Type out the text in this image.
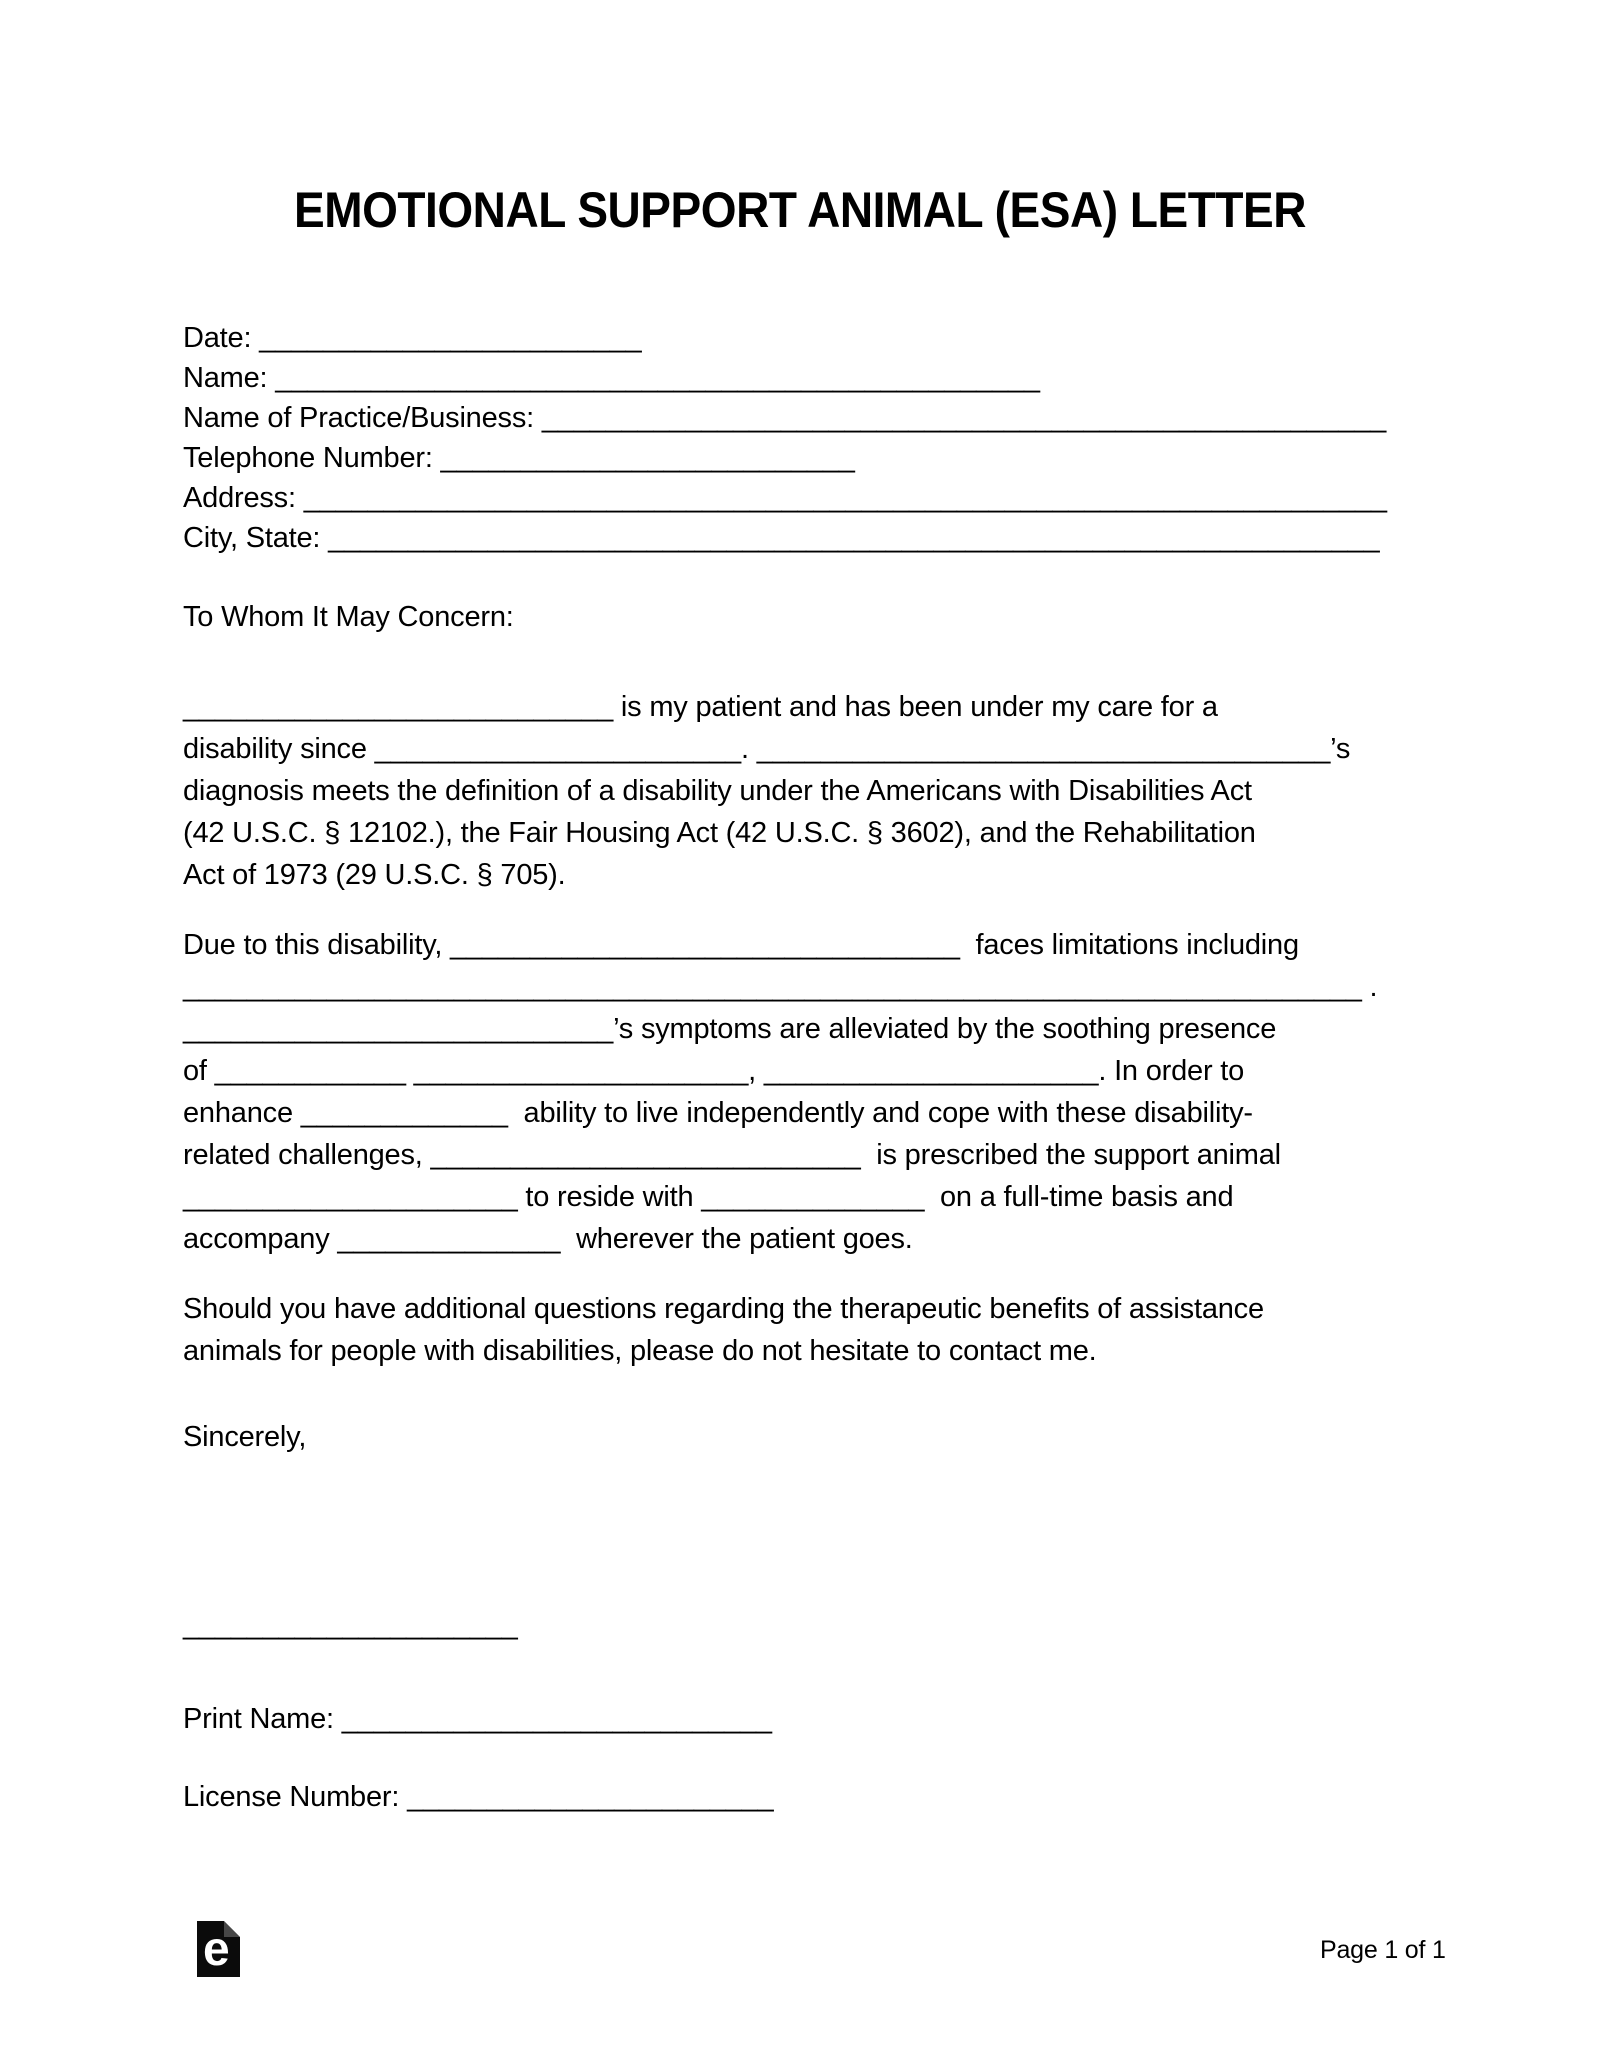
EMOTIONAL SUPPORT ANIMAL (ESA) LETTER
Date: ________________________
Name: ________________________________________________
Name of Practice/Business: _____________________________________________________
Telephone Number: __________________________
Address: ____________________________________________________________________
City, State: __________________________________________________________________
To Whom It May Concern:
___________________________ is my patient and has been under my care for a
disability since _______________________. ____________________________________’s
diagnosis meets the definition of a disability under the Americans with Disabilities Act
(42 U.S.C. § 12102.), the Fair Housing Act (42 U.S.C. § 3602), and the Rehabilitation
Act of 1973 (29 U.S.C. § 705).
Due to this disability, ________________________________  faces limitations including
__________________________________________________________________________ .
___________________________’s symptoms are alleviated by the soothing presence
of ____________ _____________________, _____________________. In order to
enhance _____________  ability to live independently and cope with these disability-
related challenges, ___________________________  is prescribed the support animal
_____________________ to reside with ______________  on a full-time basis and
accompany ______________  wherever the patient goes.
Should you have additional questions regarding the therapeutic benefits of assistance
animals for people with disabilities, please do not hesitate to contact me.
Sincerely,
_____________________
Print Name: ___________________________
License Number: _______________________
e	Page 1 of 1
